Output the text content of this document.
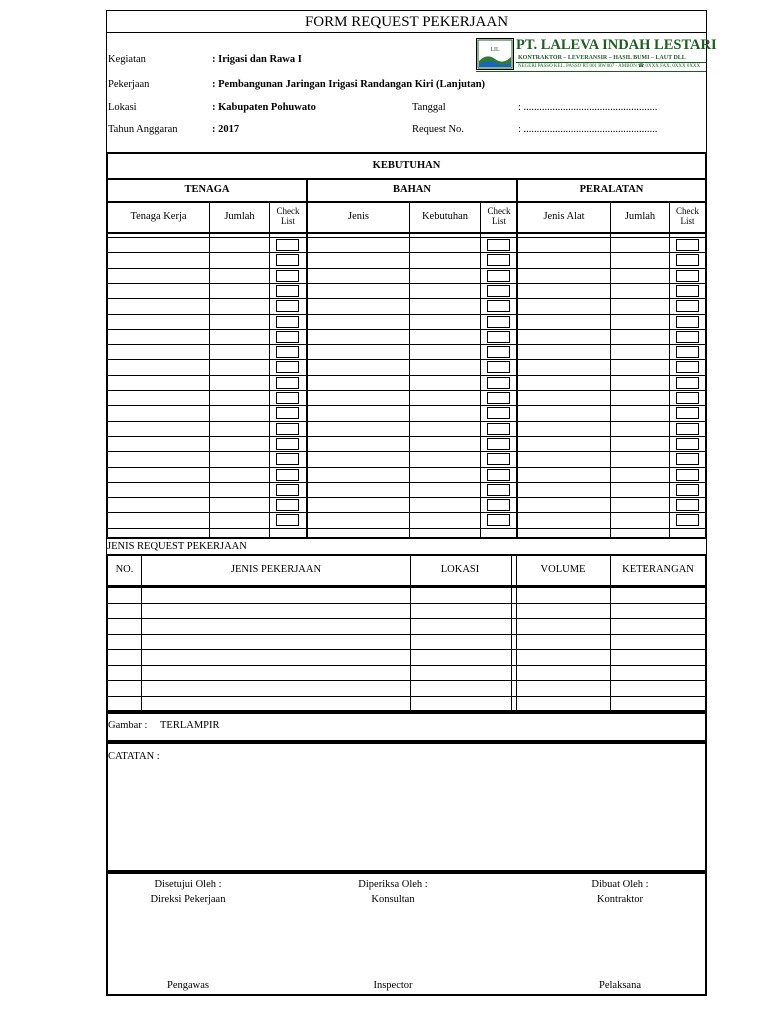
FORM REQUEST PEKERJAAN
Kegiatan	: Irigasi dan Rawa I
Pekerjaan	: Pembangunan Jaringan Irigasi Randangan Kiri (Lanjutan)
Lokasi	: Kabupaten Pohuwato
Tahun Anggaran	: 2017
Tanggal	: ...................................................
Request No.	: ...................................................
LIL PT. LALEVA INDAH LESTARI
KONTRAKTOR – LEVERANSIR – HASIL BUMI – LAUT DLL
NEGERI PASSO KEL. PASSO RT.001 RW.007 - AMBON ☎ 0XXX FAX. 0XXX 0XXX
KEBUTUHAN
TENAGA	BAHAN	PERALATAN
Tenaga Kerja	Jumlah	Check List	Jenis	Kebutuhan	Check List	Jenis Alat	Jumlah	Check List
JENIS REQUEST PEKERJAAN
NO.	JENIS PEKERJAAN	LOKASI	VOLUME	KETERANGAN
Gambar : TERLAMPIR
CATATAN :
Disetujui Oleh :
Direksi Pekerjaan
Pengawas
Diperiksa Oleh :
Konsultan
Inspector
Dibuat Oleh :
Kontraktor
Pelaksana
